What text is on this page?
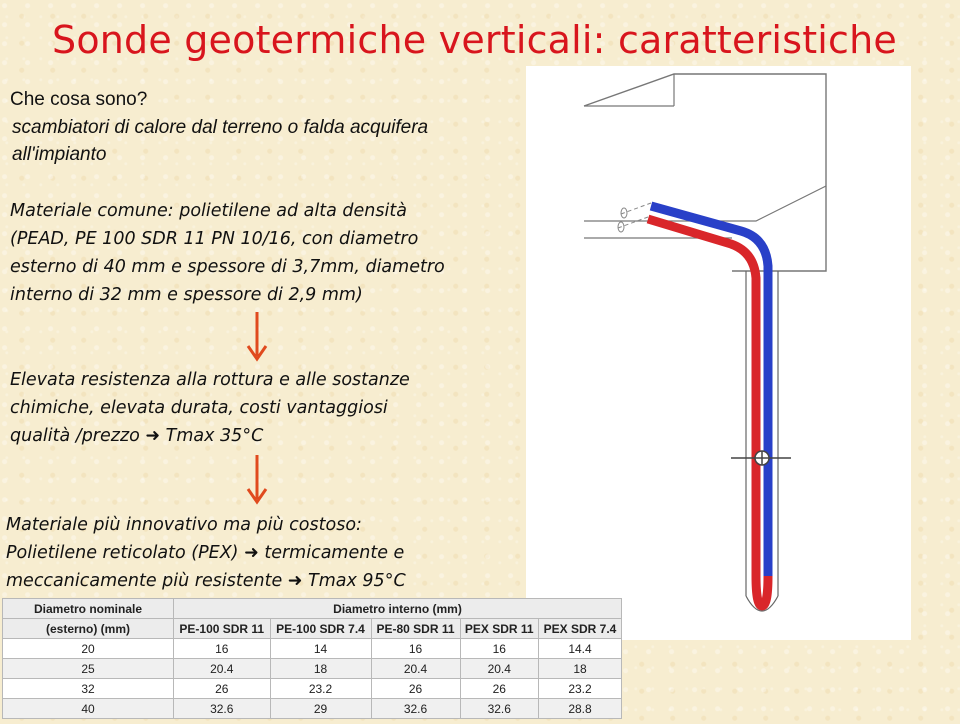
Sonde geotermiche verticali: caratteristiche
Che cosa sono?
scambiatori di calore dal terreno o falda acquifera
all'impianto
Materiale comune: polietilene ad alta densità
(PEAD, PE 100 SDR 11 PN 10/16, con diametro
esterno di 40 mm e spessore di 3,7mm, diametro
interno di 32 mm e spessore di 2,9 mm)
Elevata resistenza alla rottura e alle sostanze
chimiche, elevata durata, costi vantaggiosi
qualità /prezzo ➜ Tmax 35°C
Materiale più innovativo ma più costoso:
Polietilene reticolato (PEX) ➜ termicamente e
meccanicamente più resistente ➜ Tmax 95°C
Diametro nominale	Diametro interno (mm)				
(esterno) (mm)	PE-100 SDR 11	PE-100 SDR 7.4	PE-80 SDR 11	PEX SDR 11	PEX SDR 7.4
20	16	14	16	16	14.4
25	20.4	18	20.4	20.4	18
32	26	23.2	26	26	23.2
40	32.6	29	32.6	32.6	28.8
